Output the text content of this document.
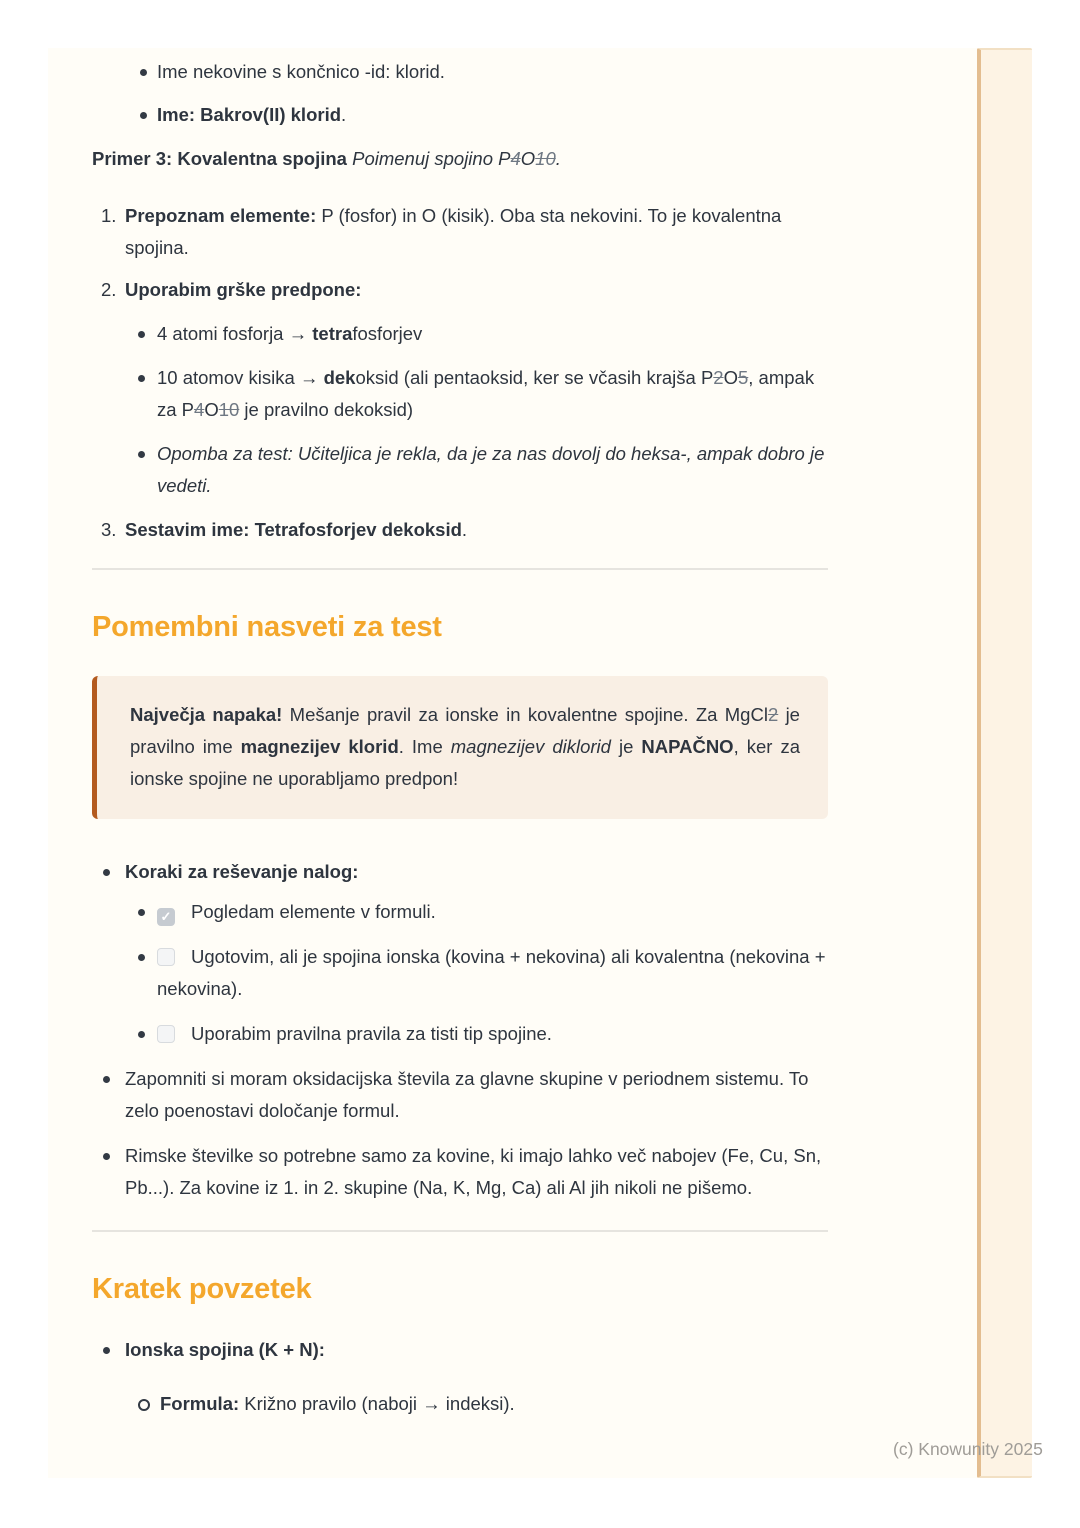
Ime nekovine s končnico -id: klorid.
Ime: Bakrov(II) klorid.

Primer 3: Kovalentna spojina Poimenuj spojino P4O10.

1. Prepoznam elemente: P (fosfor) in O (kisik). Oba sta nekovini. To je kovalentna spojina.
2. Uporabim grške predpone:
4 atomi fosforja → tetrafosforjev
10 atomov kisika → dekoksid (ali pentaoksid, ker se včasih krajša P2O5, ampak za P4O10 je pravilno dekoksid)
Opomba za test: Učiteljica je rekla, da je za nas dovolj do heksa-, ampak dobro je vedeti.
3. Sestavim ime: Tetrafosforjev dekoksid.
Pomembni nasveti za test
Največja napaka! Mešanje pravil za ionske in kovalentne spojine. Za MgCl2 je pravilno ime magnezijev klorid. Ime magnezijev diklorid je NAPAČNO, ker za ionske spojine ne uporabljamo predpon!
Koraki za reševanje nalog:
✓ Pogledam elemente v formuli.
Ugotovim, ali je spojina ionska (kovina + nekovina) ali kovalentna (nekovina + nekovina).
Uporabim pravilna pravila za tisti tip spojine.
Zapomniti si moram oksidacijska števila za glavne skupine v periodnem sistemu. To zelo poenostavi določanje formul.
Rimske številke so potrebne samo za kovine, ki imajo lahko več nabojev (Fe, Cu, Sn, Pb...). Za kovine iz 1. in 2. skupine (Na, K, Mg, Ca) ali Al jih nikoli ne pišemo.
Kratek povzetek
Ionska spojina (K + N):
Formula: Križno pravilo (naboji → indeksi).
(c) Knowunity 2025
